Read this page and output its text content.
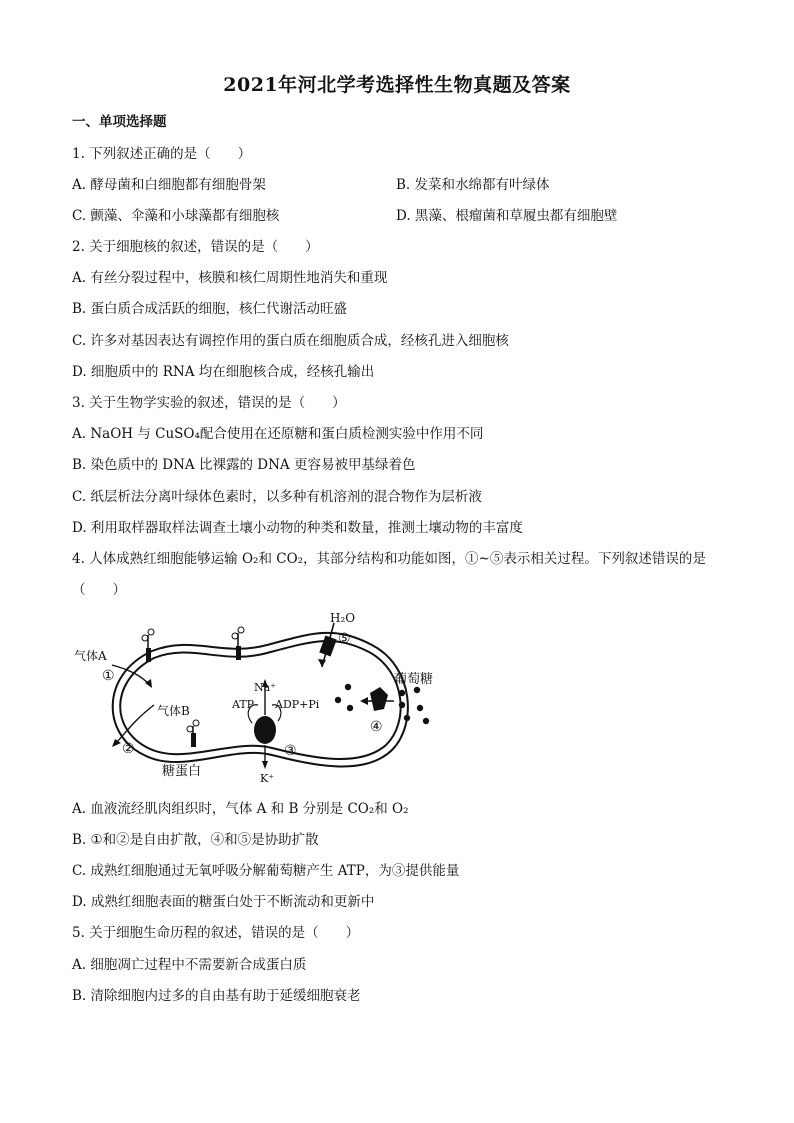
2021年河北学考选择性生物真题及答案
一、单项选择题
1. 下列叙述正确的是（　　）
A. 酵母菌和白细胞都有细胞骨架	B. 发菜和水绵都有叶绿体
C. 颤藻、伞藻和小球藻都有细胞核	D. 黑藻、根瘤菌和草履虫都有细胞壁
2. 关于细胞核的叙述，错误的是（　　）
A. 有丝分裂过程中，核膜和核仁周期性地消失和重现
B. 蛋白质合成活跃的细胞，核仁代谢活动旺盛
C. 许多对基因表达有调控作用的蛋白质在细胞质合成，经核孔进入细胞核
D. 细胞质中的 RNA 均在细胞核合成，经核孔输出
3. 关于生物学实验的叙述，错误的是（　　）
A. NaOH 与 CuSO₄配合使用在还原糖和蛋白质检测实验中作用不同
B. 染色质中的 DNA 比裸露的 DNA 更容易被甲基绿着色
C. 纸层析法分离叶绿体色素时，以多种有机溶剂的混合物作为层析液
D. 利用取样器取样法调查土壤小动物的种类和数量，推测土壤动物的丰富度
4. 人体成熟红细胞能够运输 O₂和 CO₂，其部分结构和功能如图，①~⑤表示相关过程。下列叙述错误的是
（　　）
H₂O
⑤
葡萄糖
④
Na⁺
ATP ADP+Pi
③
K⁺
气体A
①
气体B
②
糖蛋白
A. 血液流经肌肉组织时，气体 A 和 B 分别是 CO₂和 O₂
B. ①和②是自由扩散，④和⑤是协助扩散
C. 成熟红细胞通过无氧呼吸分解葡萄糖产生 ATP，为③提供能量
D. 成熟红细胞表面的糖蛋白处于不断流动和更新中
5. 关于细胞生命历程的叙述，错误的是（　　）
A. 细胞凋亡过程中不需要新合成蛋白质
B. 清除细胞内过多的自由基有助于延缓细胞衰老
